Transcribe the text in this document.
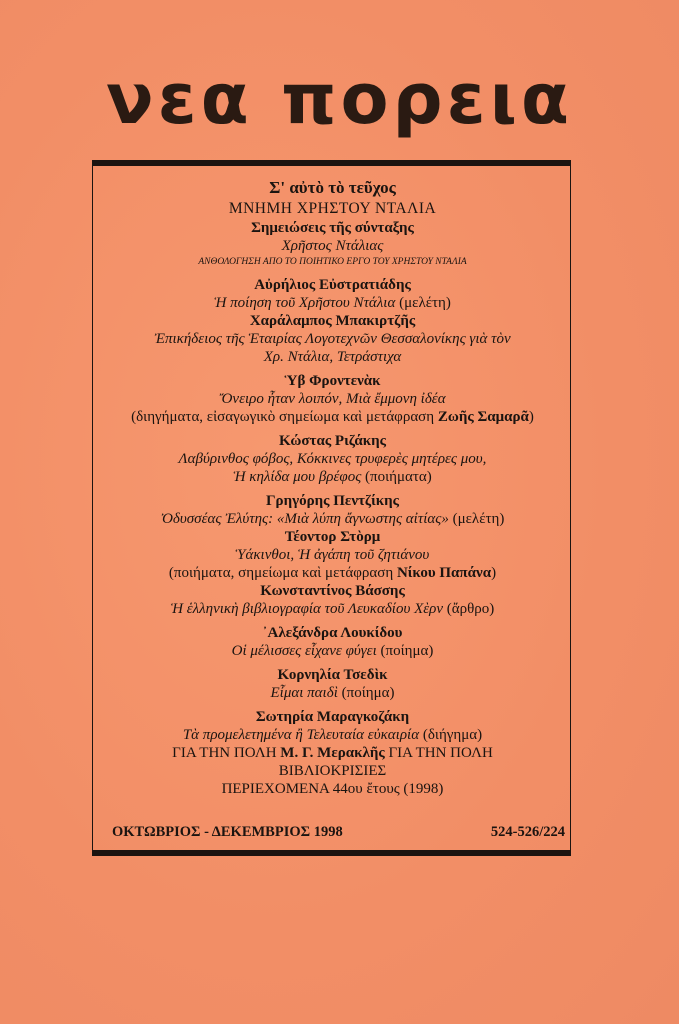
νεα πορεια
Σ' αὐτὸ τὸ τεῦχος
ΜΝΗΜΗ ΧΡΗΣΤΟΥ ΝΤΑΛΙΑ
Σημειώσεις τῆς σύνταξης
Χρῆστος Ντάλιας
ΑΝΘΟΛΟΓΗΣΗ ΑΠΟ ΤΟ ΠΟΙΗΤΙΚΟ ΕΡΓΟ ΤΟΥ ΧΡΗΣΤΟΥ ΝΤΑΛΙΑ
Αὐρήλιος Εὐστρατιάδης
Ἡ ποίηση τοῦ Χρῆστου Ντάλια (μελέτη)
Χαράλαμπος Μπακιρτζῆς
Ἐπικήδειος τῆς Ἑταιρίας Λογοτεχνῶν Θεσσαλονίκης γιὰ τὸν
Χρ. Ντάλια, Τετράστιχα
Ὑβ Φροντενὰκ
Ὄνειρο ἦταν λοιπόν, Μιὰ ἔμμονη ἰδέα
(διηγήματα, εἰσαγωγικὸ σημείωμα καὶ μετάφραση Ζωῆς Σαμαρᾶ)
Κώστας Ριζάκης
Λαβύρινθος φόβος, Κόκκινες τρυφερὲς μητέρες μου,
Ἡ κηλίδα μου βρέφος (ποιήματα)
Γρηγόρης Πεντζίκης
Ὀδυσσέας Ἐλύτης: «Μιὰ λύπη ἄγνωστης αἰτίας» (μελέτη)
Τέοντορ Στὸρμ
Ὑάκινθοι, Ἡ ἀγάπη τοῦ ζητιάνου
(ποιήματα, σημείωμα καὶ μετάφραση Νίκου Παπάνα)
Κωνσταντίνος Βάσσης
Ἡ ἑλληνικὴ βιβλιογραφία τοῦ Λευκαδίου Χὲρν (ἄρθρο)
᾿Αλεξάνδρα Λουκίδου
Οἱ μέλισσες εἶχανε φύγει (ποίημα)
Κορνηλία Τσεδὶκ
Εἶμαι παιδὶ (ποίημα)
Σωτηρία Μαραγκοζάκη
Τὰ προμελετημένα ἢ Τελευταία εὐκαιρία (διήγημα)
ΓΙΑ ΤΗΝ ΠΟΛΗ Μ. Γ. Μερακλῆς ΓΙΑ ΤΗΝ ΠΟΛΗ
ΒΙΒΛΙΟΚΡΙΣΙΕΣ
ΠΕΡΙΕΧΟΜΕΝΑ 44ου ἔτους (1998)
ΟΚΤΩΒΡΙΟΣ - ΔΕΚΕΜΒΡΙΟΣ 1998	524-526/224
